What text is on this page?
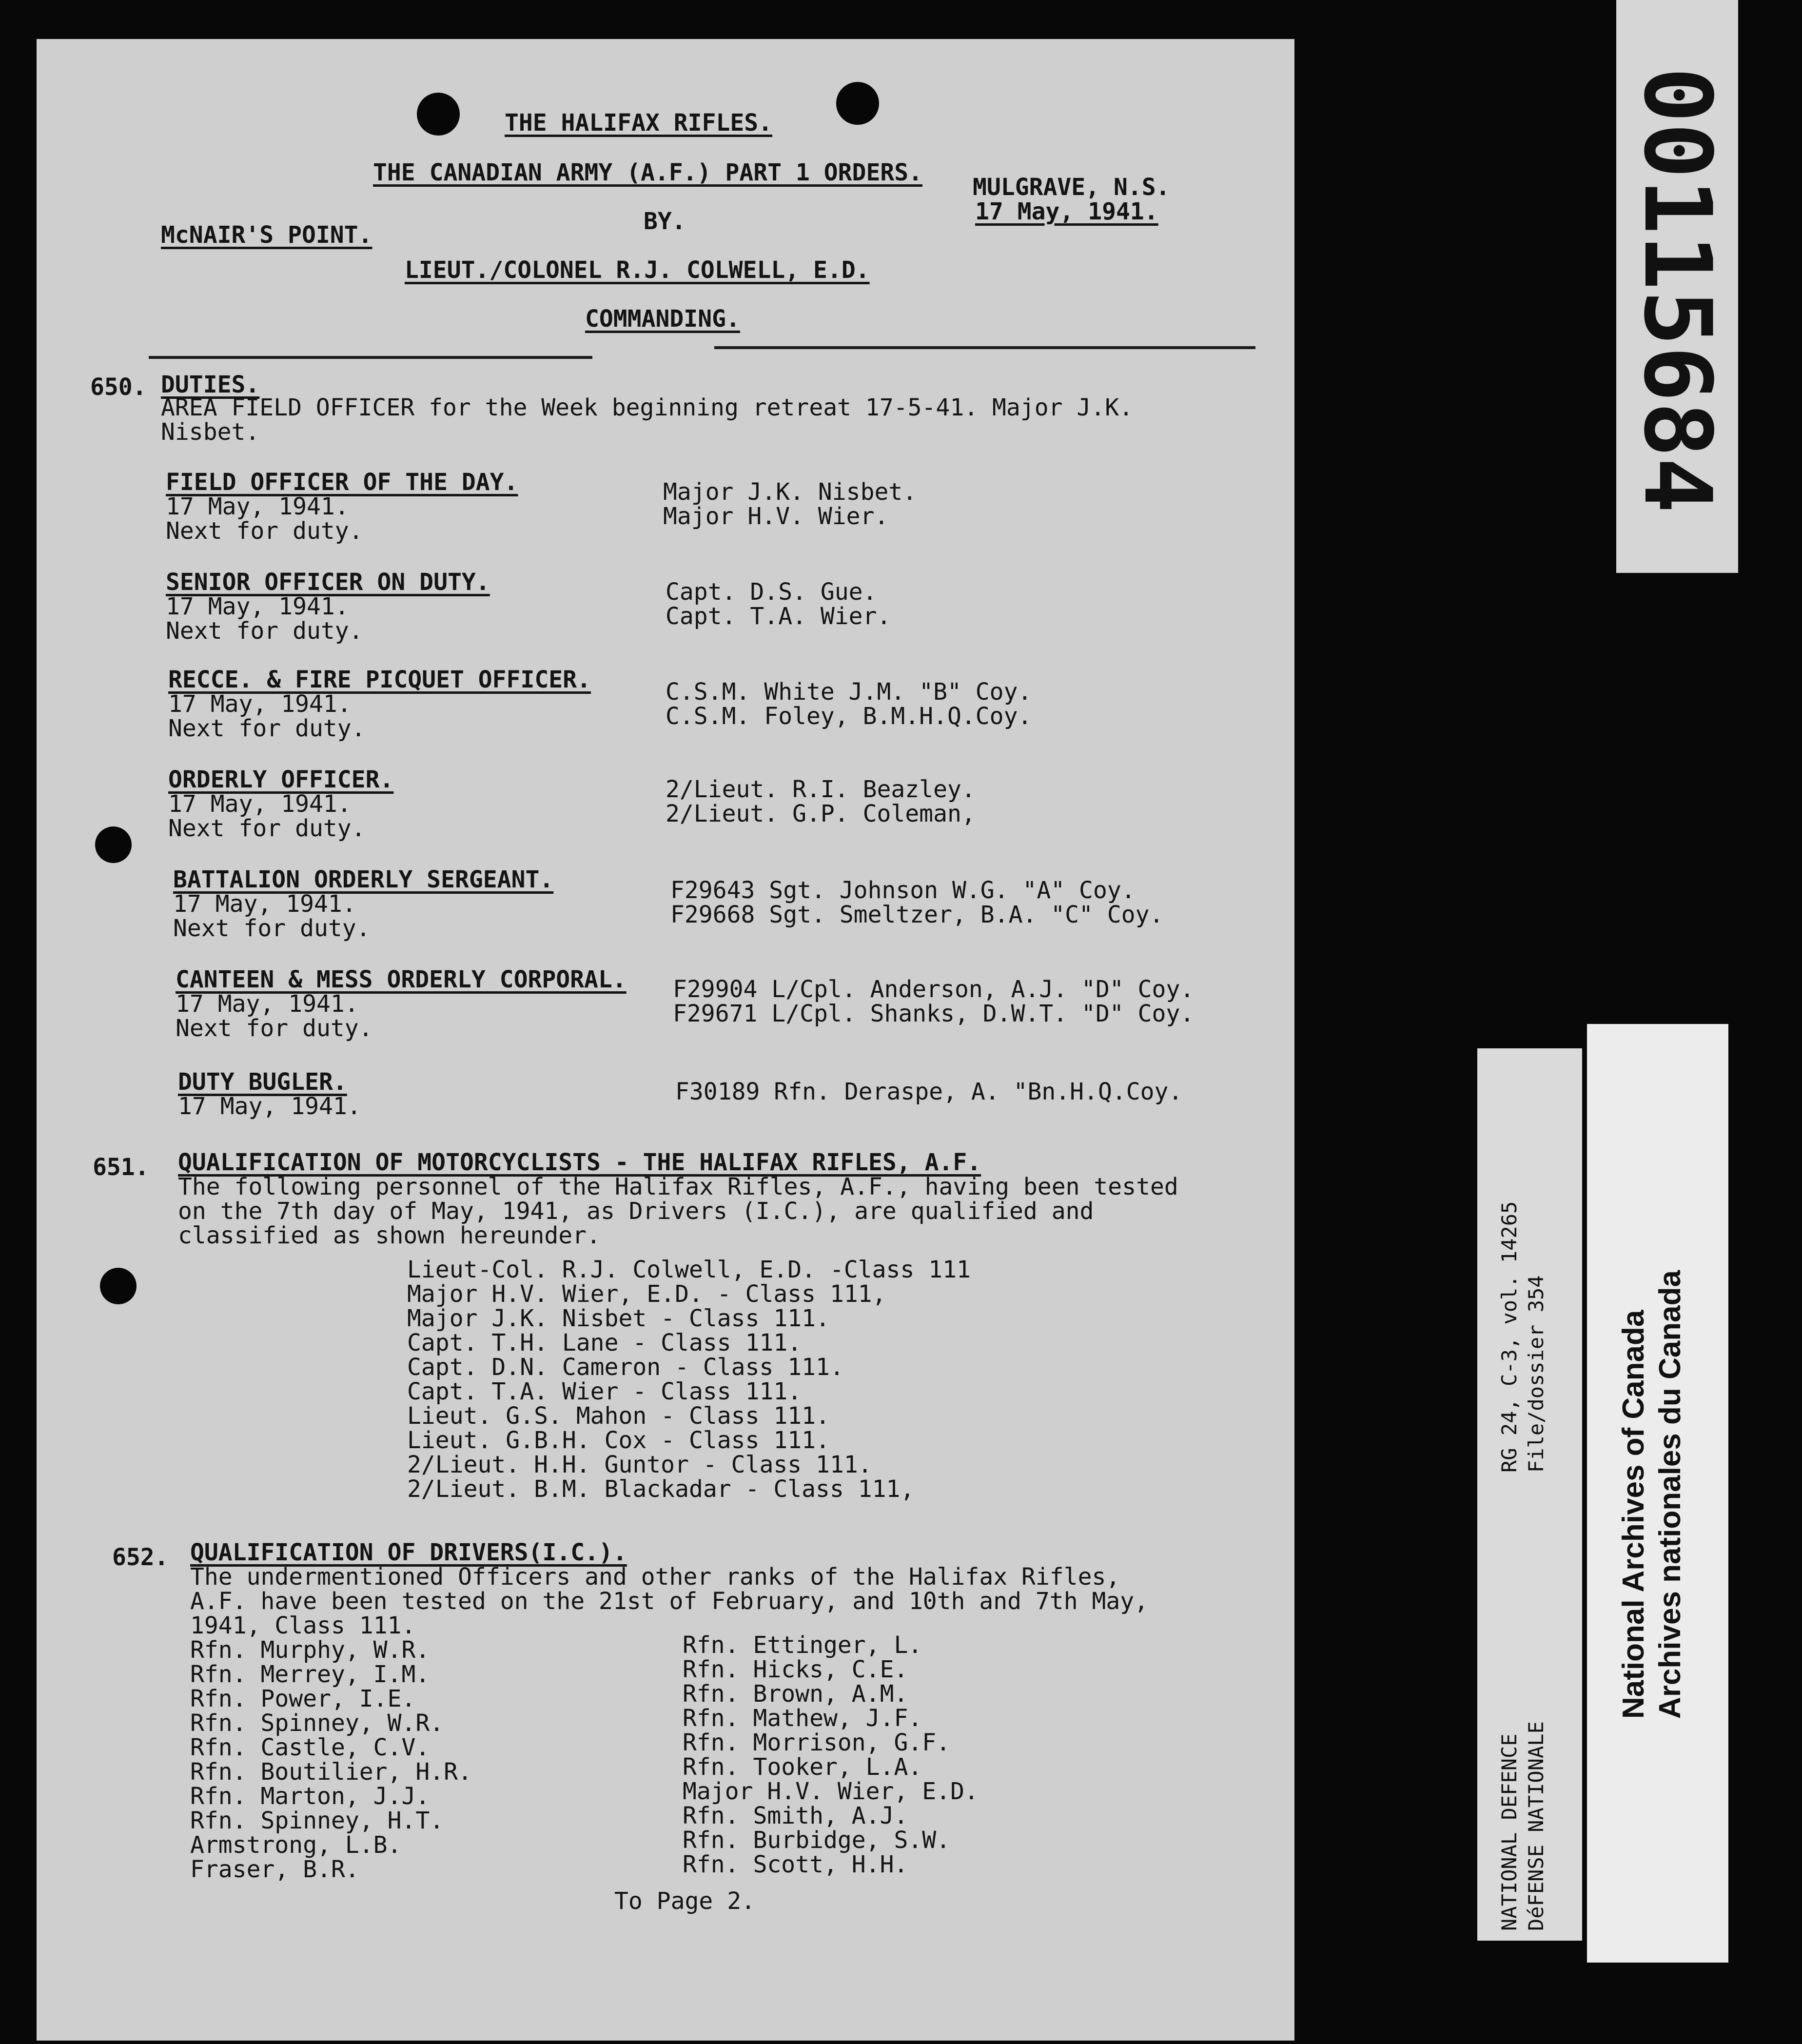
THE HALIFAX RIFLES.
THE CANADIAN ARMY (A.F.) PART 1 ORDERS.
MULGRAVE, N.S.
17 May, 1941.
McNAIR'S POINT.	BY.
LIEUT./COLONEL R.J. COLWELL, E.D.
COMMANDING.
650. DUTIES.
AREA FIELD OFFICER for the Week beginning retreat 17-5-41. Major J.K.
Nisbet.
FIELD OFFICER OF THE DAY.
17 May, 1941.
Next for duty.
Major J.K. Nisbet.
Major H.V. Wier.
SENIOR OFFICER ON DUTY.
17 May, 1941.
Next for duty.
Capt. D.S. Gue.
Capt. T.A. Wier.
RECCE. & FIRE PICQUET OFFICER.
17 May, 1941.
Next for duty.
C.S.M. White J.M. "B" Coy.
C.S.M. Foley, B.M.H.Q.Coy.
ORDERLY OFFICER.
17 May, 1941.
Next for duty.
2/Lieut. R.I. Beazley.
2/Lieut. G.P. Coleman,
BATTALION ORDERLY SERGEANT.
17 May, 1941.
Next for duty.
F29643 Sgt. Johnson W.G. "A" Coy.
F29668 Sgt. Smeltzer, B.A. "C" Coy.
CANTEEN & MESS ORDERLY CORPORAL.
17 May, 1941.
Next for duty.
F29904 L/Cpl. Anderson, A.J. "D" Coy.
F29671 L/Cpl. Shanks, D.W.T. "D" Coy.
DUTY BUGLER.
17 May, 1941.
F30189 Rfn. Deraspe, A. "Bn.H.Q.Coy.
651. QUALIFICATION OF MOTORCYCLISTS - THE HALIFAX RIFLES, A.F.
The following personnel of the Halifax Rifles, A.F., having been tested
on the 7th day of May, 1941, as Drivers (I.C.), are qualified and
classified as shown hereunder.
Lieut-Col. R.J. Colwell, E.D. -Class 111
Major H.V. Wier, E.D. - Class 111,
Major J.K. Nisbet - Class 111.
Capt. T.H. Lane - Class 111.
Capt. D.N. Cameron - Class 111.
Capt. T.A. Wier - Class 111.
Lieut. G.S. Mahon - Class 111.
Lieut. G.B.H. Cox - Class 111.
2/Lieut. H.H. Guntor - Class 111.
2/Lieut. B.M. Blackadar - Class 111,
652. QUALIFICATION OF DRIVERS(I.C.).
The undermentioned Officers and other ranks of the Halifax Rifles,
A.F. have been tested on the 21st of February, and 10th and 7th May,
1941, Class 111.
Rfn. Murphy, W.R.
Rfn. Merrey, I.M.
Rfn. Power, I.E.
Rfn. Spinney, W.R.
Rfn. Castle, C.V.
Rfn. Boutilier, H.R.
Rfn. Marton, J.J.
Rfn. Spinney, H.T.
Armstrong, L.B.
Fraser, B.R.
Rfn. Ettinger, L.
Rfn. Hicks, C.E.
Rfn. Brown, A.M.
Rfn. Mathew, J.F.
Rfn. Morrison, G.F.
Rfn. Tooker, L.A.
Major H.V. Wier, E.D.
Rfn. Smith, A.J.
Rfn. Burbidge, S.W.
Rfn. Scott, H.H.
To Page 2.
00115684
RG 24, C-3, vol. 14265 File/dossier 354
NATIONAL DEFENCE DéFENSE NATIONALE
National Archives of Canada Archives nationales du Canada
